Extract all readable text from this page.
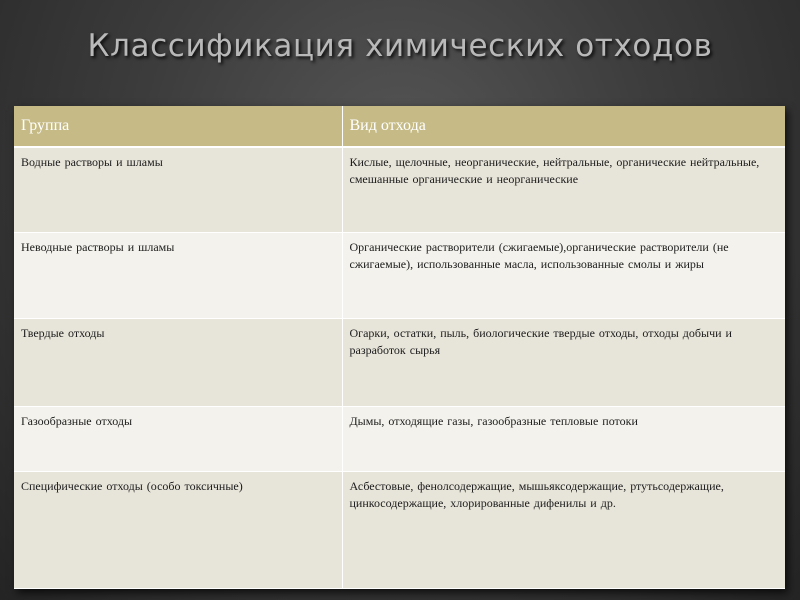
Классификация химических отходов
Группа	Вид отхода
Водные растворы и шламы	Кислые, щелочные, неорганические, нейтральные, органические нейтральные, смешанные органические и неорганические
Неводные растворы и шламы	Органические растворители (сжигаемые),органические растворители (не сжигаемые), использованные масла, использованные смолы и жиры
Твердые отходы	Огарки, остатки, пыль, биологические твердые отходы, отходы добычи и разработок сырья
Газообразные отходы	Дымы, отходящие газы, газообразные тепловые потоки
Специфические отходы (особо токсичные)	Асбестовые, фенолсодержащие, мышьяксодержащие, ртутьсодержащие, цинкосодержащие, хлорированные дифенилы и др.
